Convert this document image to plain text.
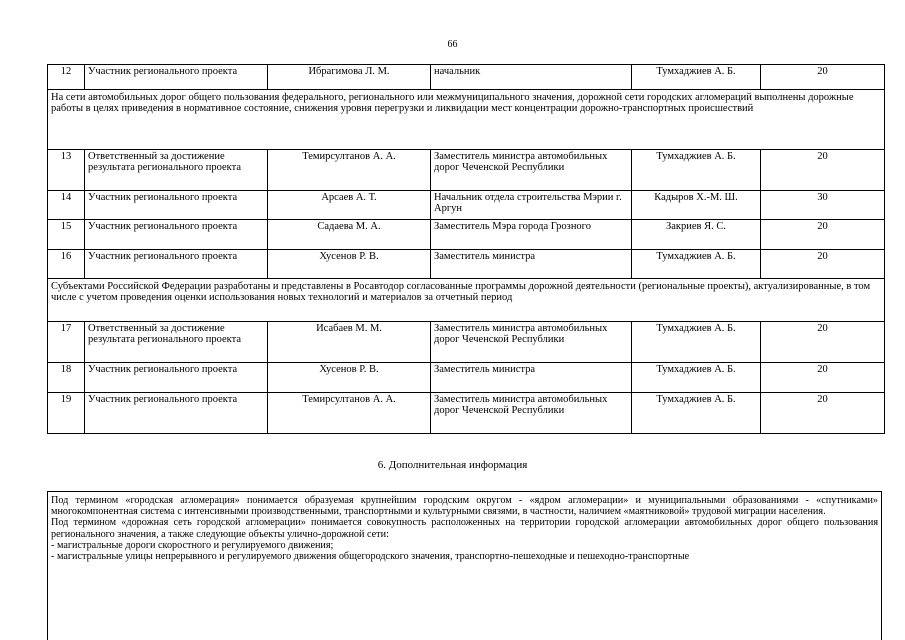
66
12	Участник регионального проекта	Ибрагимова Л. М.	начальник	Тумхаджиев А. Б.	20
На сети автомобильных дорог общего пользования федерального, регионального или межмуниципального значения, дорожной сети городских агломераций выполнены дорожные работы в целях приведения в нормативное состояние, снижения уровня перегрузки и ликвидации мест концентрации дорожно-транспортных происшествий					
13	Ответственный за достижение результата регионального проекта	Темирсултанов А. А.	Заместитель министра автомобильных дорог Чеченской Республики	Тумхаджиев А. Б.	20
14	Участник регионального проекта	Арсаев А. Т.	Начальник отдела строительства Мэрии г. Аргун	Кадыров Х.-М. Ш.	30
15	Участник регионального проекта	Садаева М. А.	Заместитель Мэра города Грозного	Закриев Я. С.	20
16	Участник регионального проекта	Хусенов Р. В.	Заместитель министра	Тумхаджиев А. Б.	20
Субъектами Российской Федерации разработаны и представлены в Росавтодор согласованные программы дорожной деятельности (региональные проекты), актуализированные, в том числе с учетом проведения оценки использования новых технологий и материалов за отчетный период					
17	Ответственный за достижение результата регионального проекта	Исабаев М. М.	Заместитель министра автомобильных дорог Чеченской Республики	Тумхаджиев А. Б.	20
18	Участник регионального проекта	Хусенов Р. В.	Заместитель министра	Тумхаджиев А. Б.	20
19	Участник регионального проекта	Темирсултанов А. А.	Заместитель министра автомобильных дорог Чеченской Республики	Тумхаджиев А. Б.	20
6. Дополнительная информация

Под термином «городская агломерация» понимается образуемая крупнейшим городским округом - «ядром агломерации» и муниципальными образованиями - «спутниками» многокомпонентная система с интенсивными производственными, транспортными и культурными связями, в частности, наличием «маятниковой» трудовой миграции населения.

Под термином «дорожная сеть городской агломерации» понимается совокупность расположенных на территории городской агломерации автомобильных дорог общего пользования регионального значения, а также следующие объекты улично-дорожной сети:

- магистральные дороги скоростного и регулируемого движения;

- магистральные улицы непрерывного и регулируемого движения общегородского значения, транспортно-пешеходные и пешеходно-транспортные
